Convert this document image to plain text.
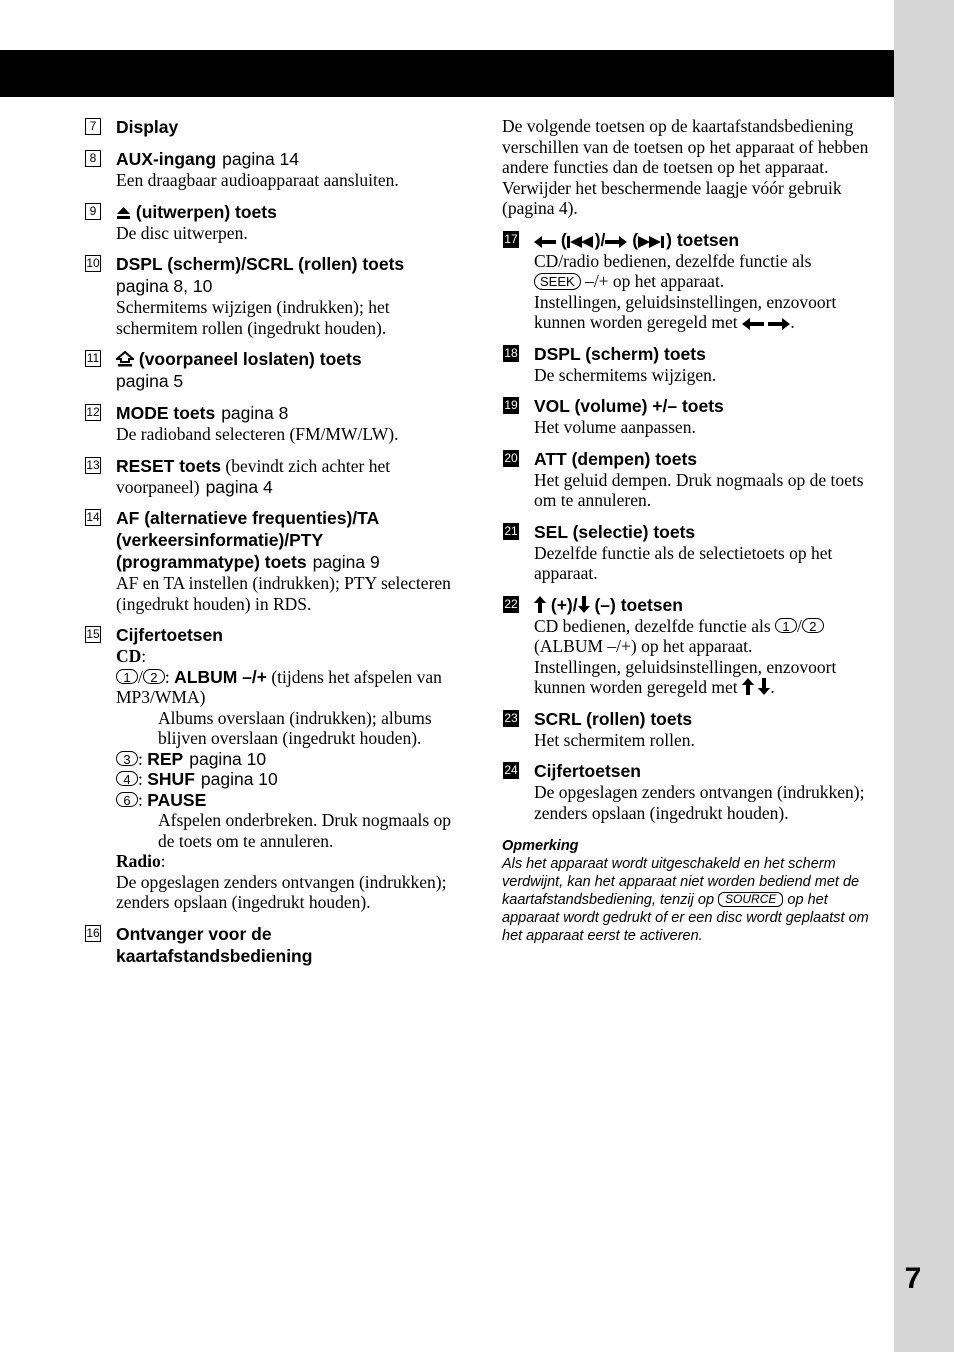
7 Display
8 AUX-ingang pagina 14
Een draagbaar audioapparaat aansluiten.
9	(uitwerpen) toets
De disc uitwerpen.
10 DSPL (scherm)/SCRL (rollen) toets
pagina 8, 10
Schermitems wijzigen (indrukken); het schermitem rollen (ingedrukt houden).
11	(voorpaneel loslaten) toets
pagina 5
12 MODE toets pagina 8
De radioband selecteren (FM/MW/LW).
13 RESET toets (bevindt zich achter het voorpaneel) pagina 4
14 AF (alternatieve frequenties)/TA
(verkeersinformatie)/PTY
(programmatype) toets pagina 9
AF en TA instellen (indrukken); PTY selecteren (ingedrukt houden) in RDS.
15 Cijfertoetsen
CD:
1 / 2 : ALBUM –/+ (tijdens het afspelen van MP3/WMA)
Albums overslaan (indrukken); albums blijven overslaan (ingedrukt houden).
3 : REP pagina 10
4 : SHUF pagina 10
6 : PAUSE
Afspelen onderbreken. Druk nogmaals op de toets om te annuleren.
Radio:
De opgeslagen zenders ontvangen (indrukken); zenders opslaan (ingedrukt houden).
16 Ontvanger voor de
kaartafstandsbediening
De volgende toetsen op de kaartafstandsbediening verschillen van de toetsen op het apparaat of hebben andere functies dan de toetsen op het apparaat. Verwijder het beschermende laagje vóór gebruik (pagina 4).
17	( )/ ( ) toetsen
CD/radio bedienen, dezelfde functie als
SEEK –/+ op het apparaat.
Instellingen, geluidsinstellingen, enzovoort kunnen worden geregeld met	.
18 DSPL (scherm) toets
De schermitems wijzigen.
19 VOL (volume) +/– toets
Het volume aanpassen.
20 ATT (dempen) toets
Het geluid dempen. Druk nogmaals op de toets om te annuleren.
21 SEL (selectie) toets
Dezelfde functie als de selectietoets op het apparaat.
22	(+)/ (–) toetsen
CD bedienen, dezelfde functie als 1 / 2
(ALBUM –/+) op het apparaat.
Instellingen, geluidsinstellingen, enzovoort kunnen worden geregeld met .
23 SCRL (rollen) toets
Het schermitem rollen.
24 Cijfertoetsen
De opgeslagen zenders ontvangen (indrukken); zenders opslaan (ingedrukt houden).
Opmerking
Als het apparaat wordt uitgeschakeld en het scherm verdwijnt, kan het apparaat niet worden bediend met de kaartafstandsbediening, tenzij op SOURCE op het apparaat wordt gedrukt of er een disc wordt geplaatst om het apparaat eerst te activeren.
7
